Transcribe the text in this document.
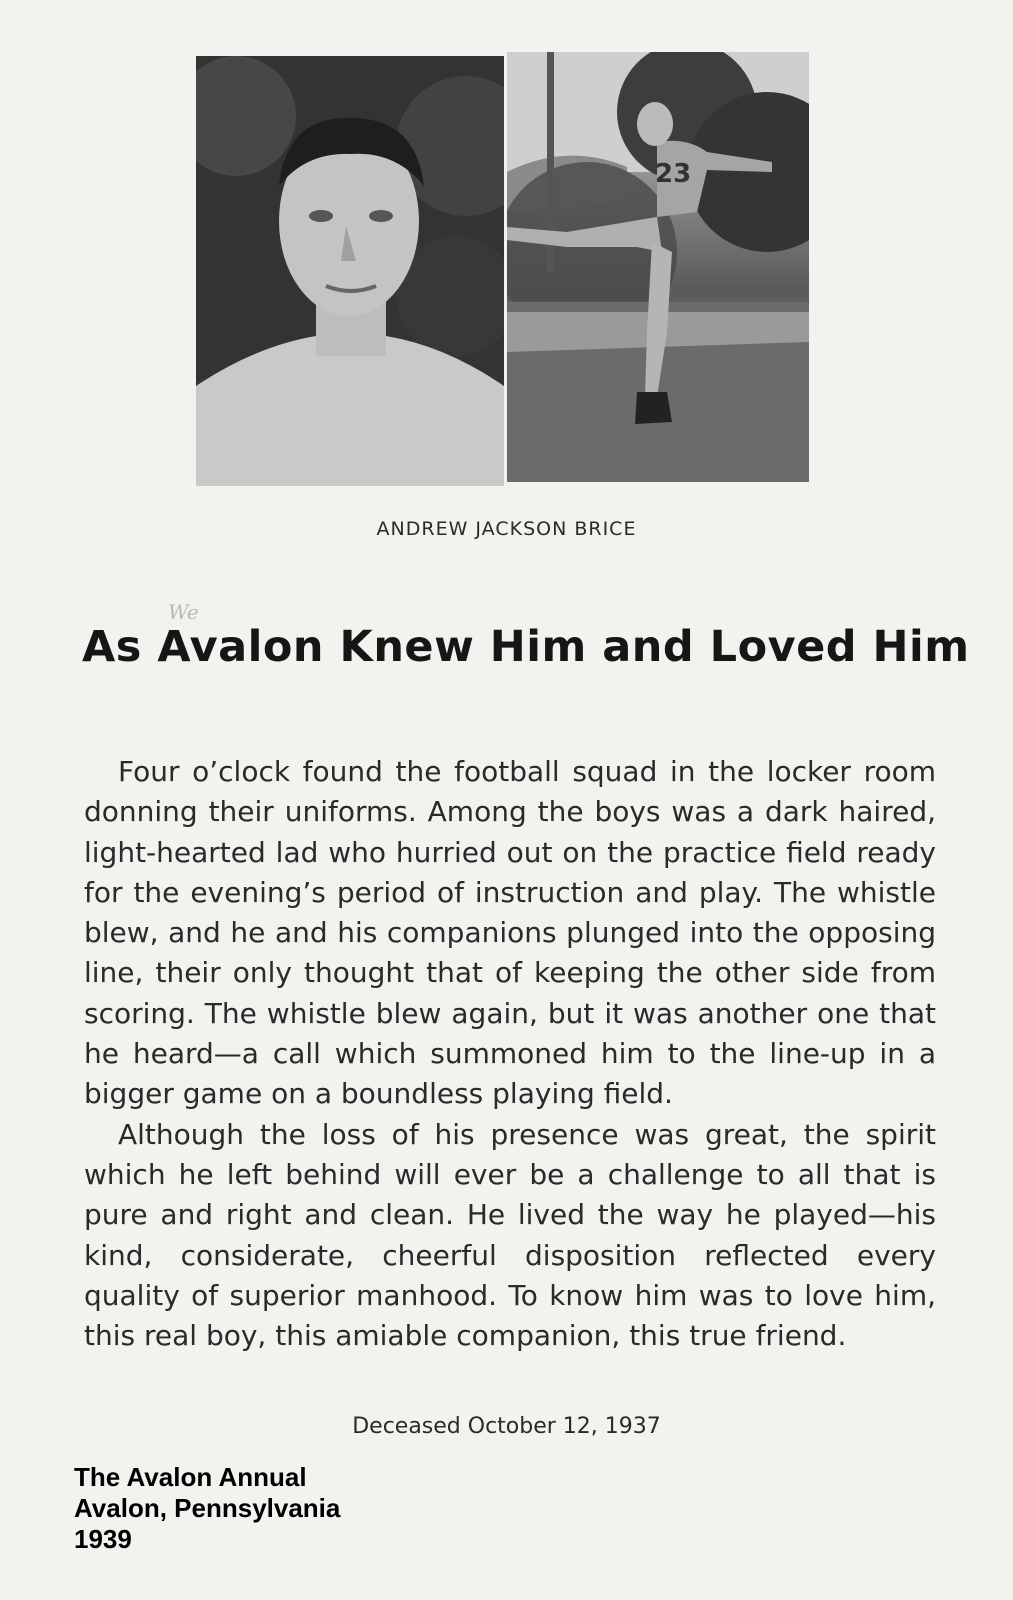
23
ANDREW JACKSON BRICE
We
As Avalon Knew Him and Loved Him

Four o’clock found the football squad in the locker room donning their uniforms. Among the boys was a dark haired, light-hearted lad who hurried out on the practice field ready for the evening’s period of instruction and play. The whistle blew, and he and his companions plunged into the opposing line, their only thought that of keeping the other side from scoring. The whistle blew again, but it was another one that he heard—a call which summoned him to the line-up in a bigger game on a boundless playing field.

Although the loss of his presence was great, the spirit which he left behind will ever be a challenge to all that is pure and right and clean. He lived the way he played—his kind, considerate, cheerful disposition reflected every quality of superior manhood. To know him was to love him, this real boy, this amiable companion, this true friend.

Deceased October 12, 1937
The Avalon Annual
Avalon, Pennsylvania
1939
